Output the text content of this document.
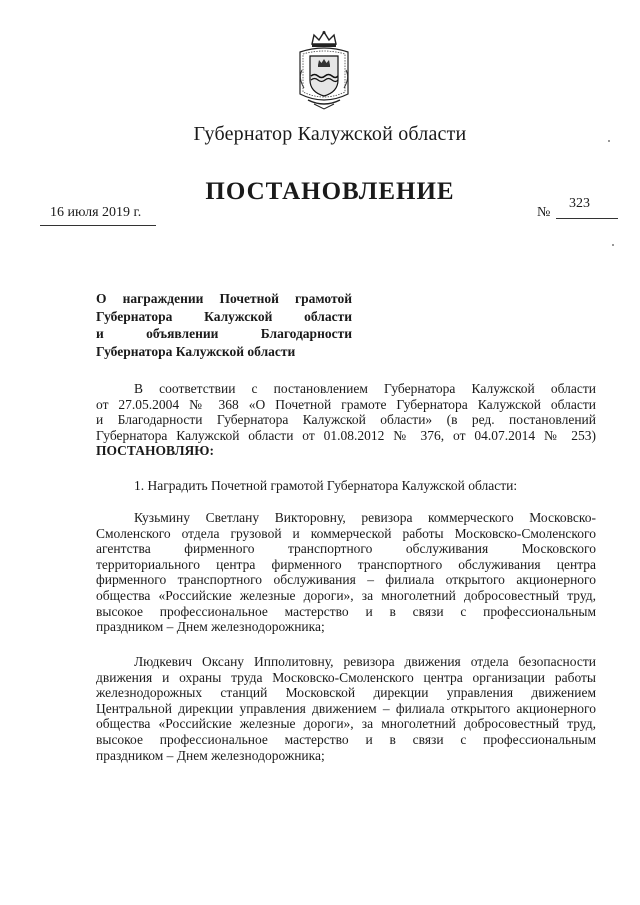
Губернатор Калужской области
ПОСТАНОВЛЕНИЕ
16 июля 2019 г.	№
323
О награждении Почетной грамотой
Губернатора Калужской области
и объявлении Благодарности
Губернатора Калужской области
В соответствии с постановлением Губернатора Калужской области
от 27.05.2004 № 368 «О Почетной грамоте Губернатора Калужской области
и Благодарности Губернатора Калужской области» (в ред. постановлений
Губернатора Калужской области от 01.08.2012 № 376, от 04.07.2014 № 253)
ПОСТАНОВЛЯЮ:
1. Наградить Почетной грамотой Губернатора Калужской области:
Кузьмину Светлану Викторовну, ревизора коммерческого Московско-
Смоленского отдела грузовой и коммерческой работы Московско-Смоленского
агентства фирменного транспортного обслуживания Московского
территориального центра фирменного транспортного обслуживания центра
фирменного транспортного обслуживания – филиала открытого акционерного
общества «Российские железные дороги», за многолетний добросовестный труд,
высокое профессиональное мастерство и в связи с профессиональным
праздником – Днем железнодорожника;
Людкевич Оксану Ипполитовну, ревизора движения отдела безопасности
движения и охраны труда Московско-Смоленского центра организации работы
железнодорожных станций Московской дирекции управления движением
Центральной дирекции управления движением – филиала открытого акционерного
общества «Российские железные дороги», за многолетний добросовестный труд,
высокое профессиональное мастерство и в связи с профессиональным
праздником – Днем железнодорожника;
